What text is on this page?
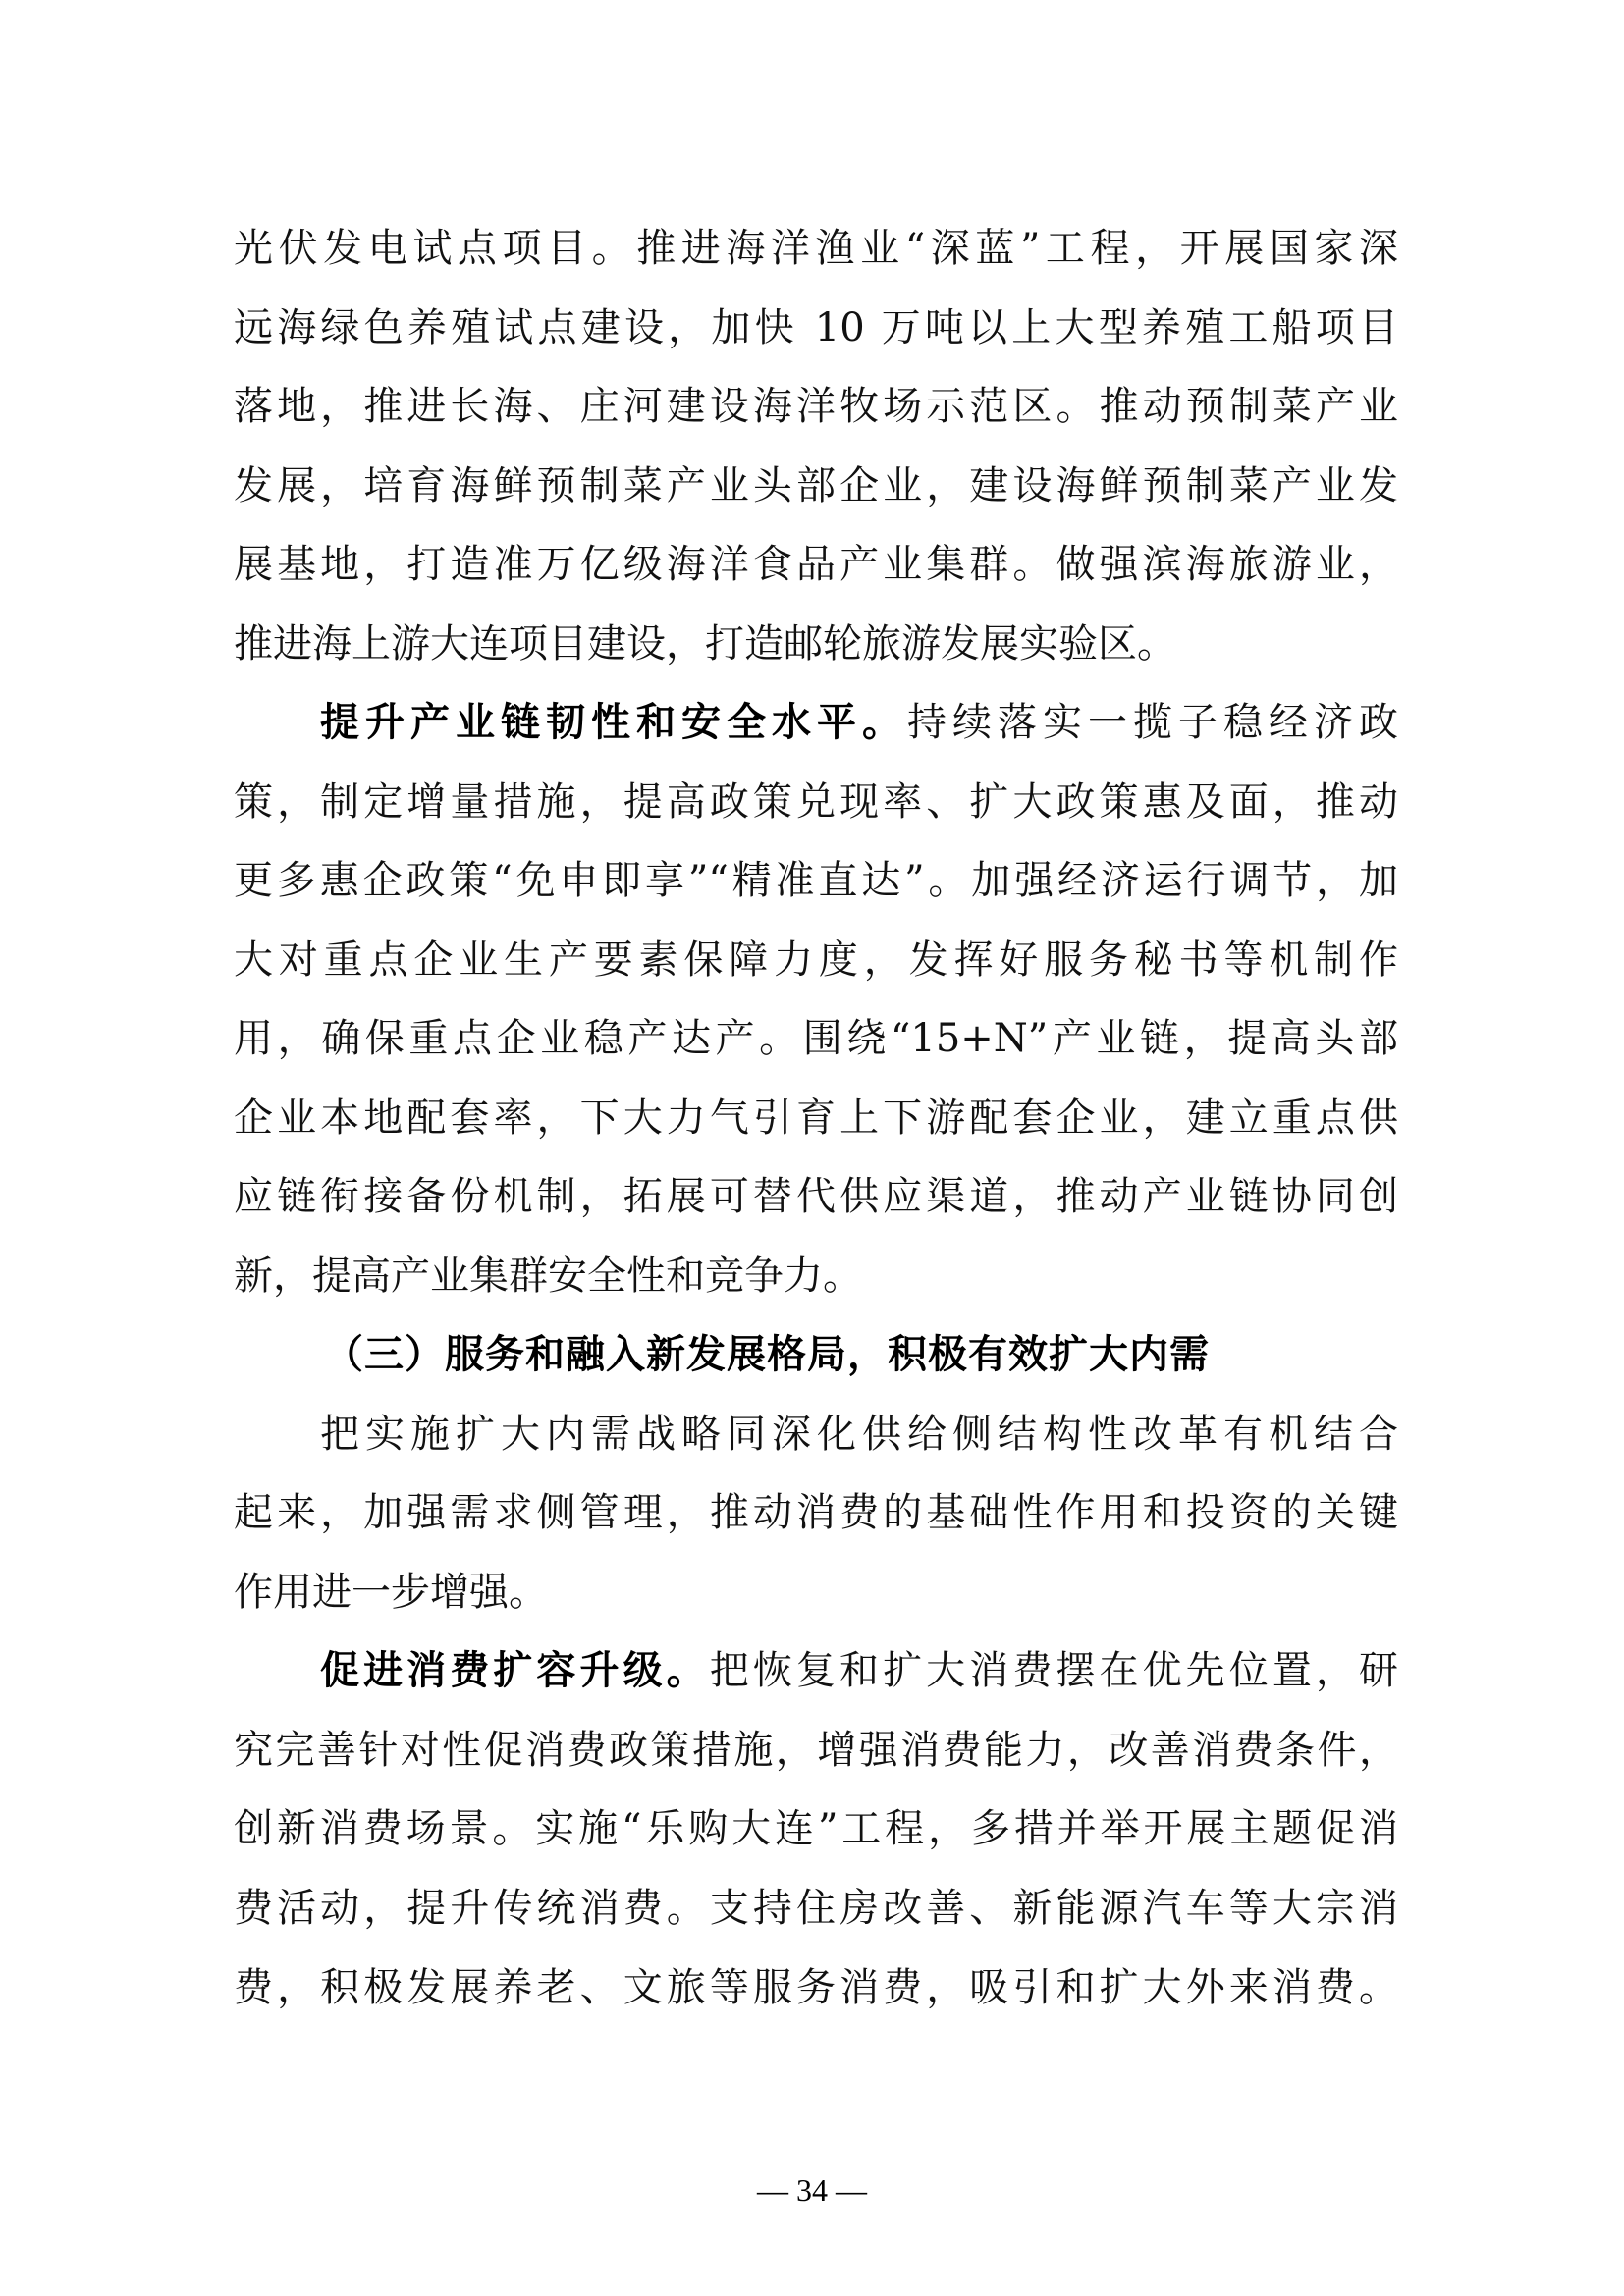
光伏发电试点项目。推进海洋渔业“深蓝”工程，开展国家深
远海绿色养殖试点建设，加快 10 万吨以上大型养殖工船项目
落地，推进长海、庄河建设海洋牧场示范区。推动预制菜产业
发展，培育海鲜预制菜产业头部企业，建设海鲜预制菜产业发
展基地，打造准万亿级海洋食品产业集群。做强滨海旅游业，
推进海上游大连项目建设，打造邮轮旅游发展实验区。
提升产业链韧性和安全水平。持续落实一揽子稳经济政
策，制定增量措施，提高政策兑现率、扩大政策惠及面，推动
更多惠企政策“免申即享”“精准直达”。加强经济运行调节，加
大对重点企业生产要素保障力度，发挥好服务秘书等机制作
用，确保重点企业稳产达产。围绕“15+N”产业链，提高头部
企业本地配套率，下大力气引育上下游配套企业，建立重点供
应链衔接备份机制，拓展可替代供应渠道，推动产业链协同创
新，提高产业集群安全性和竞争力。
（三）服务和融入新发展格局，积极有效扩大内需
把实施扩大内需战略同深化供给侧结构性改革有机结合
起来，加强需求侧管理，推动消费的基础性作用和投资的关键
作用进一步增强。
促进消费扩容升级。把恢复和扩大消费摆在优先位置，研
究完善针对性促消费政策措施，增强消费能力，改善消费条件，
创新消费场景。实施“乐购大连”工程，多措并举开展主题促消
费活动，提升传统消费。支持住房改善、新能源汽车等大宗消
费，积极发展养老、文旅等服务消费，吸引和扩大外来消费。
— 34 —
